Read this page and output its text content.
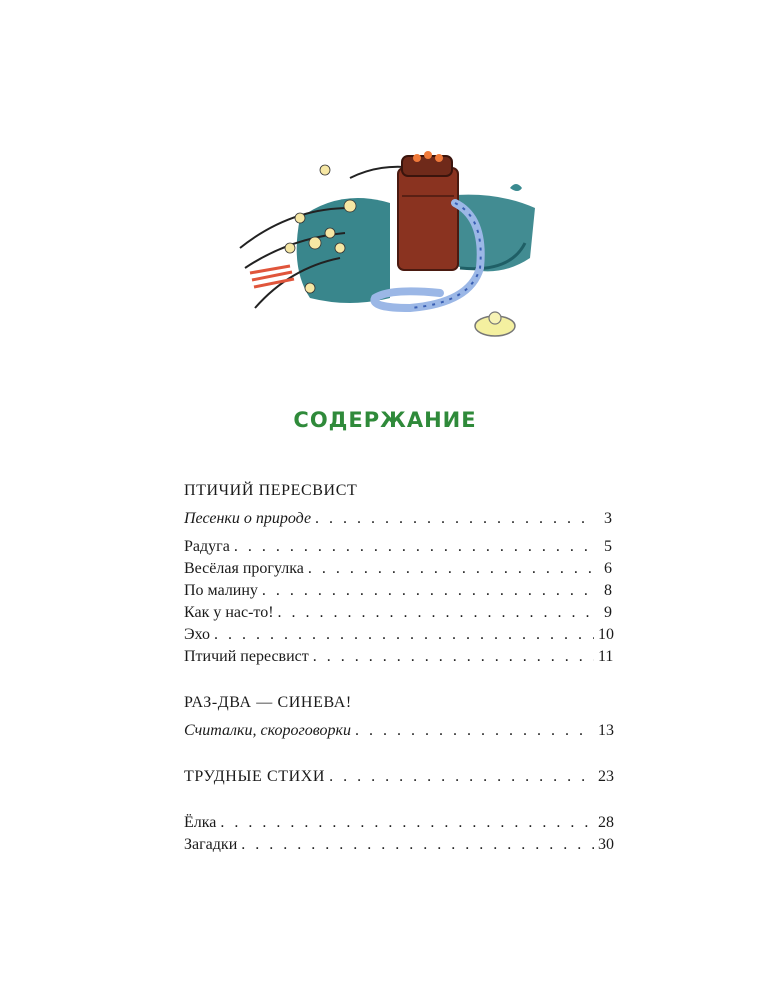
СОДЕРЖАНИЕ
ПТИЧИЙ ПЕРЕСВИСТ
Песенки о природе . . .	3
Радуга . . .	5
Весёлая прогулка . . .	6
По малину . . .	8
Как у нас-то! . . .	9
Эхо . . .	10
Птичий пересвист . . .	11
РАЗ-ДВА — СИНЕВА!
Считалки, скороговорки . . .	13
ТРУДНЫЕ СТИХИ . . .	23
Ёлка . . .	28
Загадки . . .	30
